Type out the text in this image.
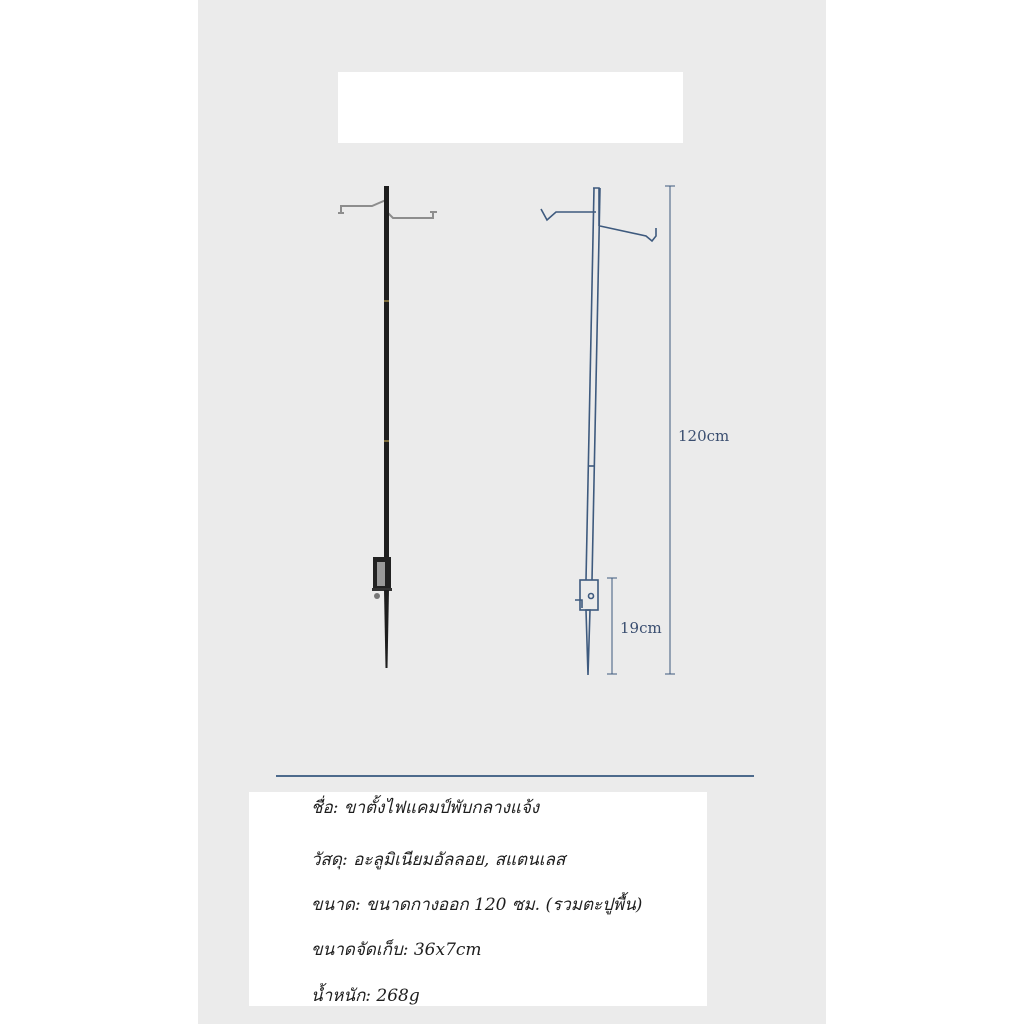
120cm
19cm
ชื่อ: ขาตั้งไฟแคมป์พับกลางแจ้ง
วัสดุ: อะลูมิเนียมอัลลอย, สแตนเลส
ขนาด: ขนาดกางออก 120 ซม. (รวมตะปูพื้น)
ขนาดจัดเก็บ: 36x7cm
น้ำหนัก: 268g
